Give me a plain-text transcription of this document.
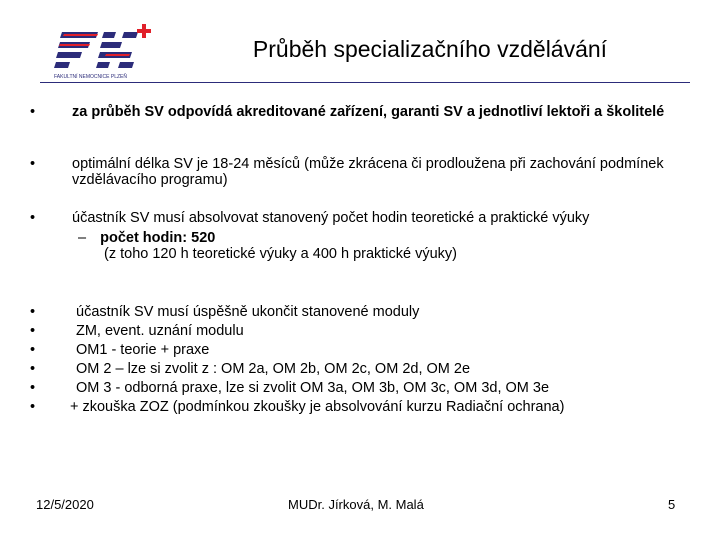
FAKULTNÍ NEMOCNICE PLZEŇ
Průběh specializačního vzdělávání
•	za průběh SV odpovídá akreditované zařízení, garanti SV a jednotliví lektoři a školitelé
•	optimální délka SV je 18-24 měsíců (může zkrácena či prodloužena při zachování podmínek vzdělávacího programu)
•	účastník SV musí absolvovat stanovený počet hodin teoretické a praktické výuky
– počet hodin: 520
(z toho 120 h teoretické výuky a 400 h praktické výuky)
•	účastník SV musí úspěšně ukončit stanovené moduly
•	ZM, event. uznání modulu
•	OM1 - teorie + praxe
•	OM 2 – lze si zvolit z : OM 2a, OM 2b, OM 2c, OM 2d, OM 2e
•	OM 3 - odborná praxe, lze si zvolit OM 3a, OM 3b, OM 3c, OM 3d, OM 3e
•	+ zkouška ZOZ (podmínkou zkoušky je absolvování kurzu Radiační ochrana)
12/5/2020	MUDr. Jírková, M. Malá	5
